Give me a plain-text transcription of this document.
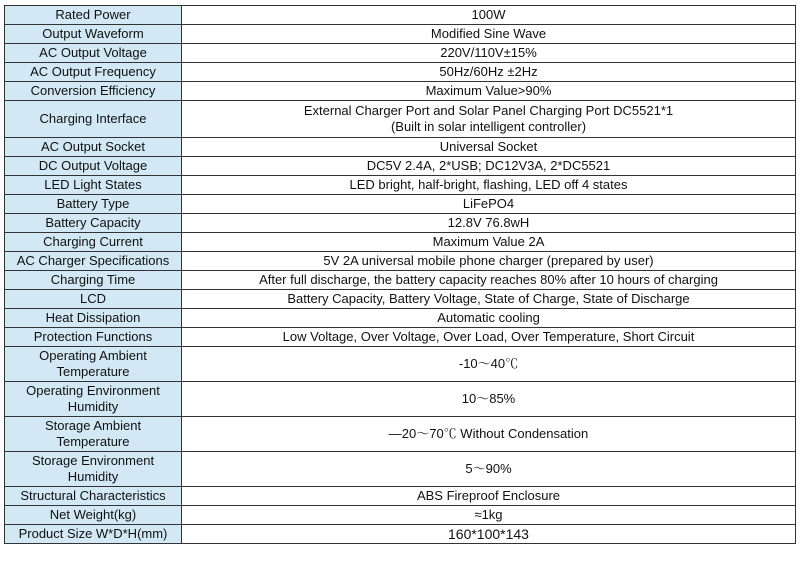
Rated Power	100W
Output Waveform	Modified Sine Wave
AC Output Voltage	220V/110V±15%
AC Output Frequency	50Hz/60Hz ±2Hz
Conversion Efficiency	Maximum Value>90%
Charging Interface	External Charger Port and Solar Panel Charging Port DC5521*1
(Built in solar intelligent controller)

AC Output Socket	Universal Socket
DC Output Voltage	DC5V 2.4A, 2*USB; DC12V3A, 2*DC5521
LED Light States	LED bright, half-bright, flashing, LED off 4 states
Battery Type	LiFePO4
Battery Capacity	12.8V 76.8wH
Charging Current	Maximum Value 2A
AC Charger Specifications	5V 2A universal mobile phone charger (prepared by user)
Charging Time	After full discharge, the battery capacity reaches 80% after 10 hours of charging
LCD	Battery Capacity, Battery Voltage, State of Charge, State of Discharge
Heat Dissipation	Automatic cooling
Protection Functions	Low Voltage, Over Voltage, Over Load, Over Temperature, Short Circuit

Operating Ambient
Temperature	-10～40℃

Operating Environment
Humidity	10～85%

Storage Ambient
Temperature	—20～70℃ Without Condensation

Storage Environment
Humidity	5～90%
Structural Characteristics	ABS Fireproof Enclosure
Net Weight(kg)	≈1kg
Product Size W*D*H(mm)	160*100*143
